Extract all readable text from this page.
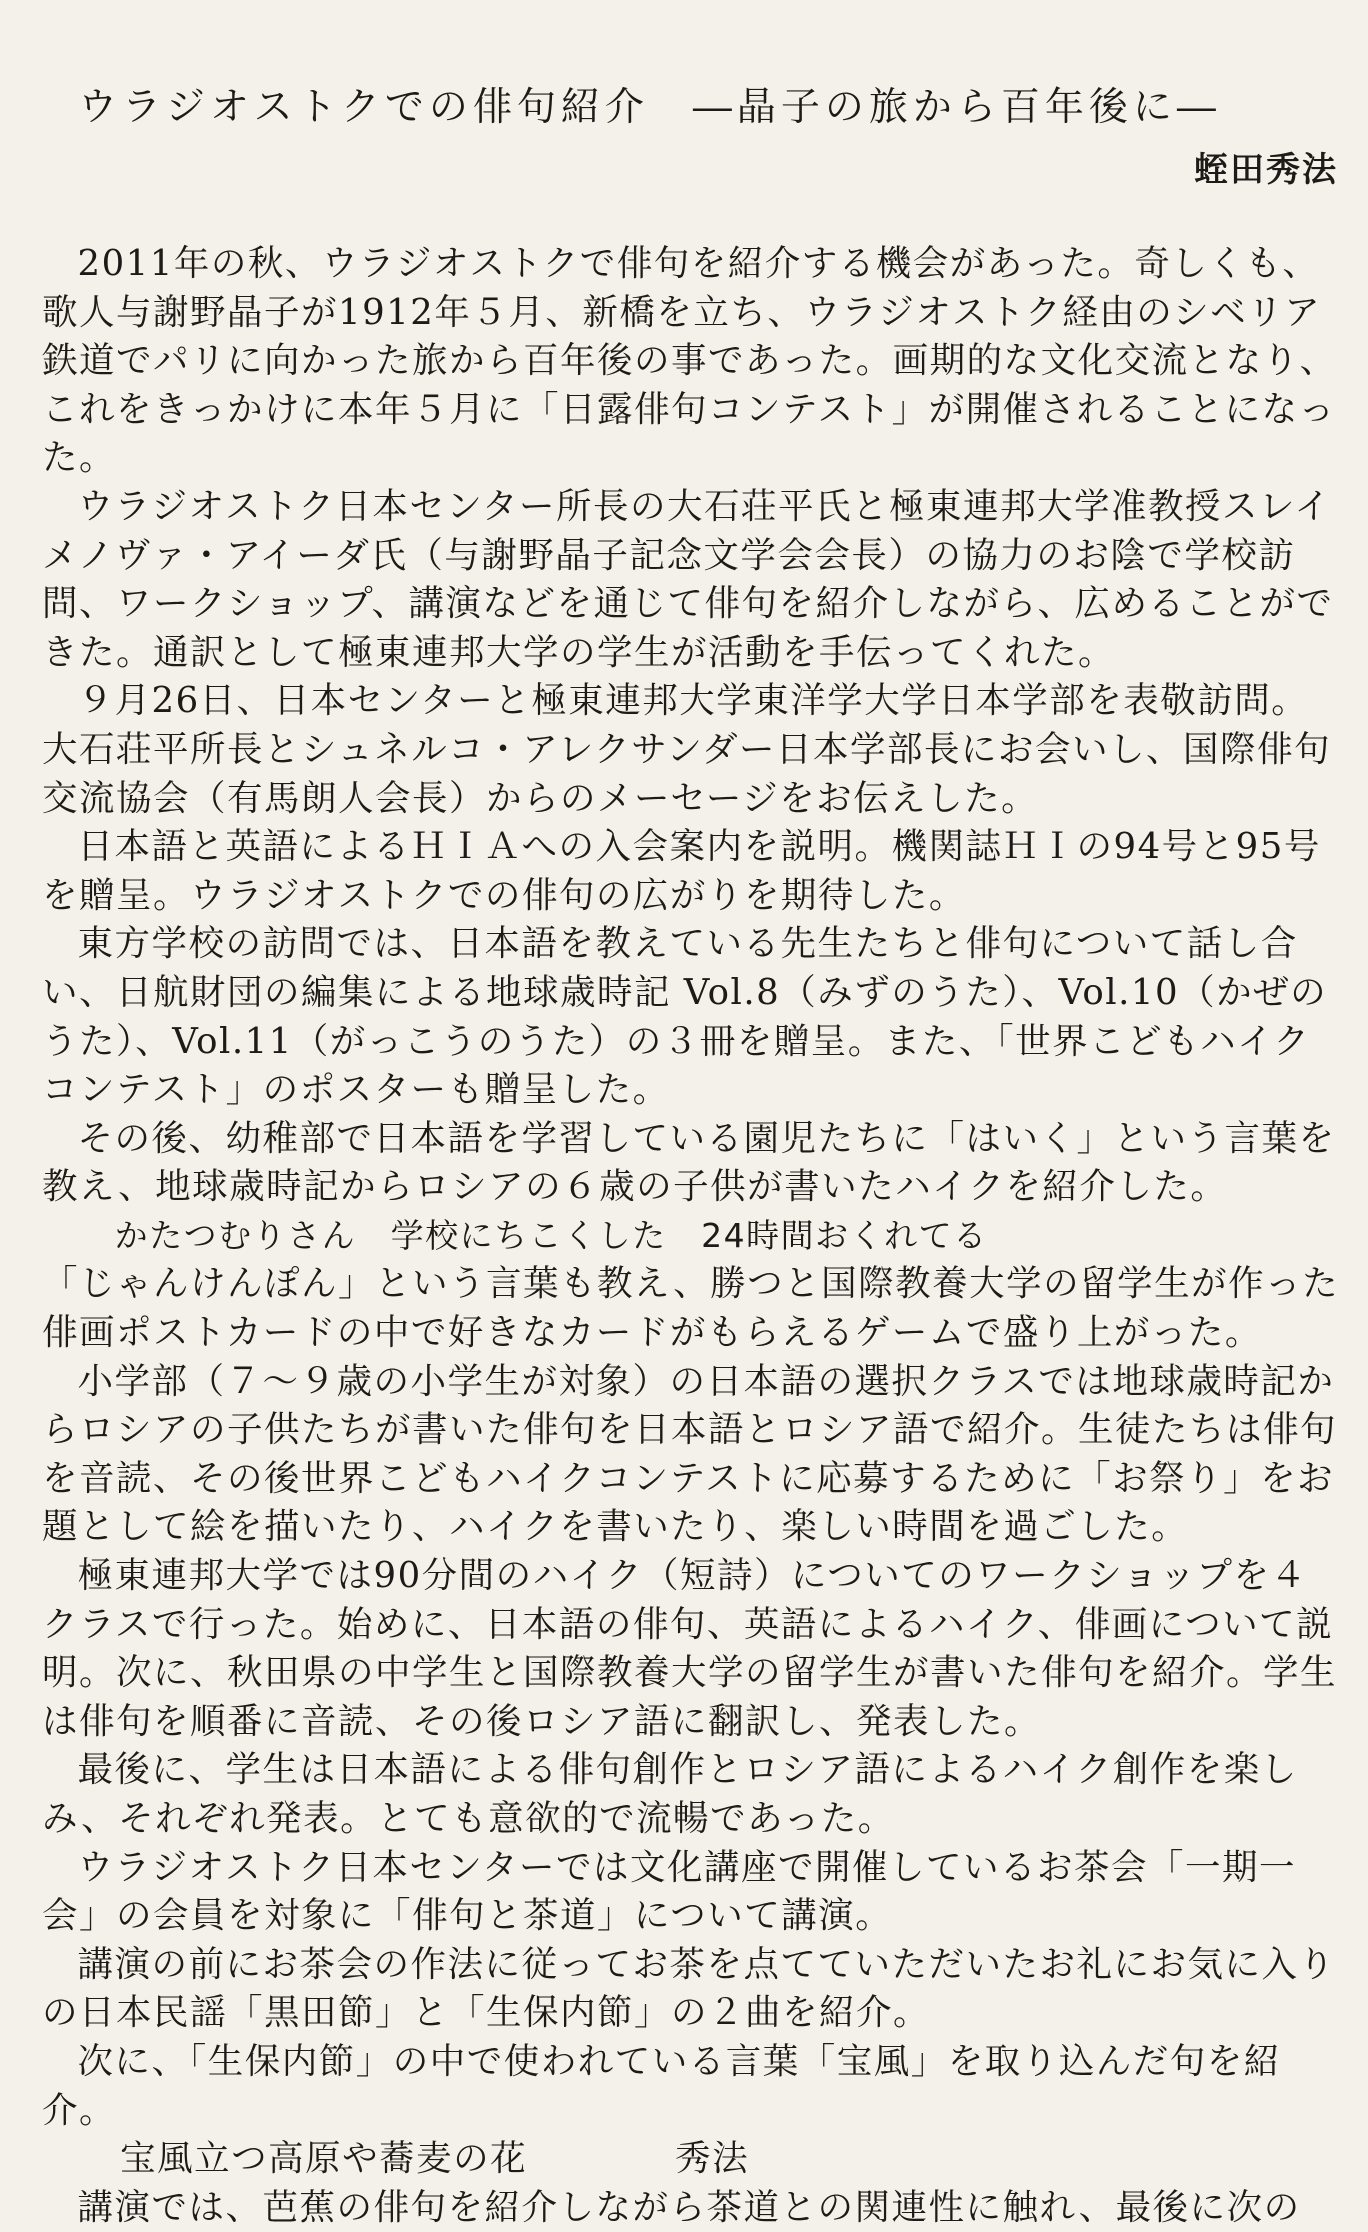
ウラジオストクでの俳句紹介　―晶子の旅から百年後に―
蛭田秀法

2011年の秋、ウラジオストクで俳句を紹介する機会があった。奇しくも、歌人与謝野晶子が1912年５月、新橋を立ち、ウラジオストク経由のシベリア鉄道でパリに向かった旅から百年後の事であった。画期的な文化交流となり、これをきっかけに本年５月に「日露俳句コンテスト」が開催されることになった。

ウラジオストク日本センター所長の大石荘平氏と極東連邦大学准教授スレイメノヴァ・アイーダ氏（与謝野晶子記念文学会会長）の協力のお陰で学校訪問、ワークショップ、講演などを通じて俳句を紹介しながら、広めることができた。通訳として極東連邦大学の学生が活動を手伝ってくれた。

９月26日、日本センターと極東連邦大学東洋学大学日本学部を表敬訪問。大石荘平所長とシュネルコ・アレクサンダー日本学部長にお会いし、国際俳句交流協会（有馬朗人会長）からのメーセージをお伝えした。

日本語と英語によるＨＩＡへの入会案内を説明。機関誌ＨＩの94号と95号を贈呈。ウラジオストクでの俳句の広がりを期待した。

東方学校の訪問では、日本語を教えている先生たちと俳句について話し合い、日航財団の編集による地球歳時記 Vol.8（みずのうた）、Vol.10（かぜのうた）、Vol.11（がっこうのうた）の３冊を贈呈。また、「世界こどもハイクコンテスト」のポスターも贈呈した。

その後、幼稚部で日本語を学習している園児たちに「はいく」という言葉を教え、地球歳時記からロシアの６歳の子供が書いたハイクを紹介した。

かたつむりさん　学校にちこくした　24時間おくれてる

「じゃんけんぽん」という言葉も教え、勝つと国際教養大学の留学生が作った俳画ポストカードの中で好きなカードがもらえるゲームで盛り上がった。

小学部（７～９歳の小学生が対象）の日本語の選択クラスでは地球歳時記からロシアの子供たちが書いた俳句を日本語とロシア語で紹介。生徒たちは俳句を音読、その後世界こどもハイクコンテストに応募するために「お祭り」をお題として絵を描いたり、ハイクを書いたり、楽しい時間を過ごした。

極東連邦大学では90分間のハイク（短詩）についてのワークショップを４クラスで行った。始めに、日本語の俳句、英語によるハイク、俳画について説明。次に、秋田県の中学生と国際教養大学の留学生が書いた俳句を紹介。学生は俳句を順番に音読、その後ロシア語に翻訳し、発表した。

最後に、学生は日本語による俳句創作とロシア語によるハイク創作を楽しみ、それぞれ発表。とても意欲的で流暢であった。

ウラジオストク日本センターでは文化講座で開催しているお茶会「一期一会」の会員を対象に「俳句と茶道」について講演。

講演の前にお茶会の作法に従ってお茶を点てていただいたお礼にお気に入りの日本民謡「黒田節」と「生保内節」の２曲を紹介。

次に、「生保内節」の中で使われている言葉「宝風」を取り込んだ句を紹介。

宝風立つ高原や蕎麦の花　　　　秀法

講演では、芭蕉の俳句を紹介しながら茶道との関連性に触れ、最後に次の
